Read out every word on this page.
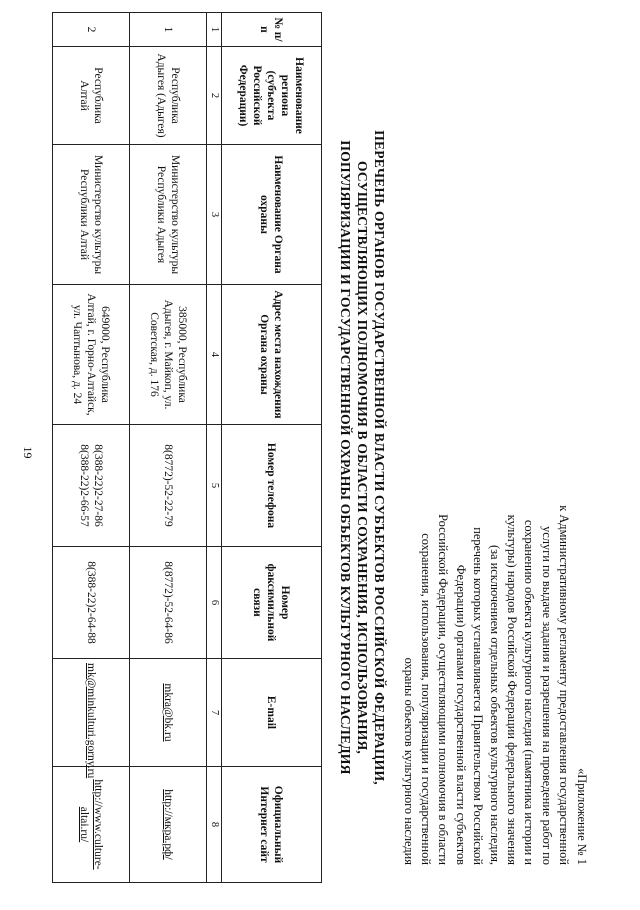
19
«Приложение № 1
к Административному регламенту предоставления государственной
услуги по выдаче задания и разрешения на проведение работ по
сохранению объекта культурного наследия (памятника истории и
культуры) народов Российской Федерации федерального значения
(за исключением отдельных объектов культурного наследия,
перечень которых устанавливается Правительством Российской
Федерации) органами государственной власти субъектов
Российской Федерации, осуществляющими полномочия в области
сохранения, использования, популяризации и государственной
охраны объектов культурного наследия
ПЕРЕЧЕНЬ ОРГАНОВ ГОСУДАРСТВЕННОЙ ВЛАСТИ СУБЪЕКТОВ РОССИЙСКОЙ ФЕДЕРАЦИИ,
ОСУЩЕСТВЛЯЮЩИХ ПОЛНОМОЧИЯ В ОБЛАСТИ СОХРАНЕНИЯ, ИСПОЛЬЗОВАНИЯ,
ПОПУЛЯРИЗАЦИИ И ГОСУДАРСТВЕННОЙ ОХРАНЫ ОБЪЕКТОВ КУЛЬТУРНОГО НАСЛЕДИЯ
№ п/п	Наименование региона (субъекта Российской Федерации)	Наименование Органа охраны	Адрес места нахождения Органа охраны	Номер телефона	Номер факсимильной связи	E-mail	Официальный Интернет сайт
1	2	3	4	5	6	7	8
1	Республика Адыгея (Адыгея)	Министерство культуры Республики Адыгея	385000, Республика Адыгея, г. Майкоп, ул. Советская, д. 176	8(8772)-52-22-79	8(8772)-52-64-86	mkra@bk.ru	http://мкра.рф/
2	Республика Алтай	Министерство культуры Республики Алтай	649000, Республика Алтай, г. Горно-Алтайск, ул. Чаптынова, д. 24	8(388-22)2-27-86 8(388-22)2-66-57	8(388-22)2-64-88	mk@minkulturi.gorny.ru	http://www.culture-altai.ru/
